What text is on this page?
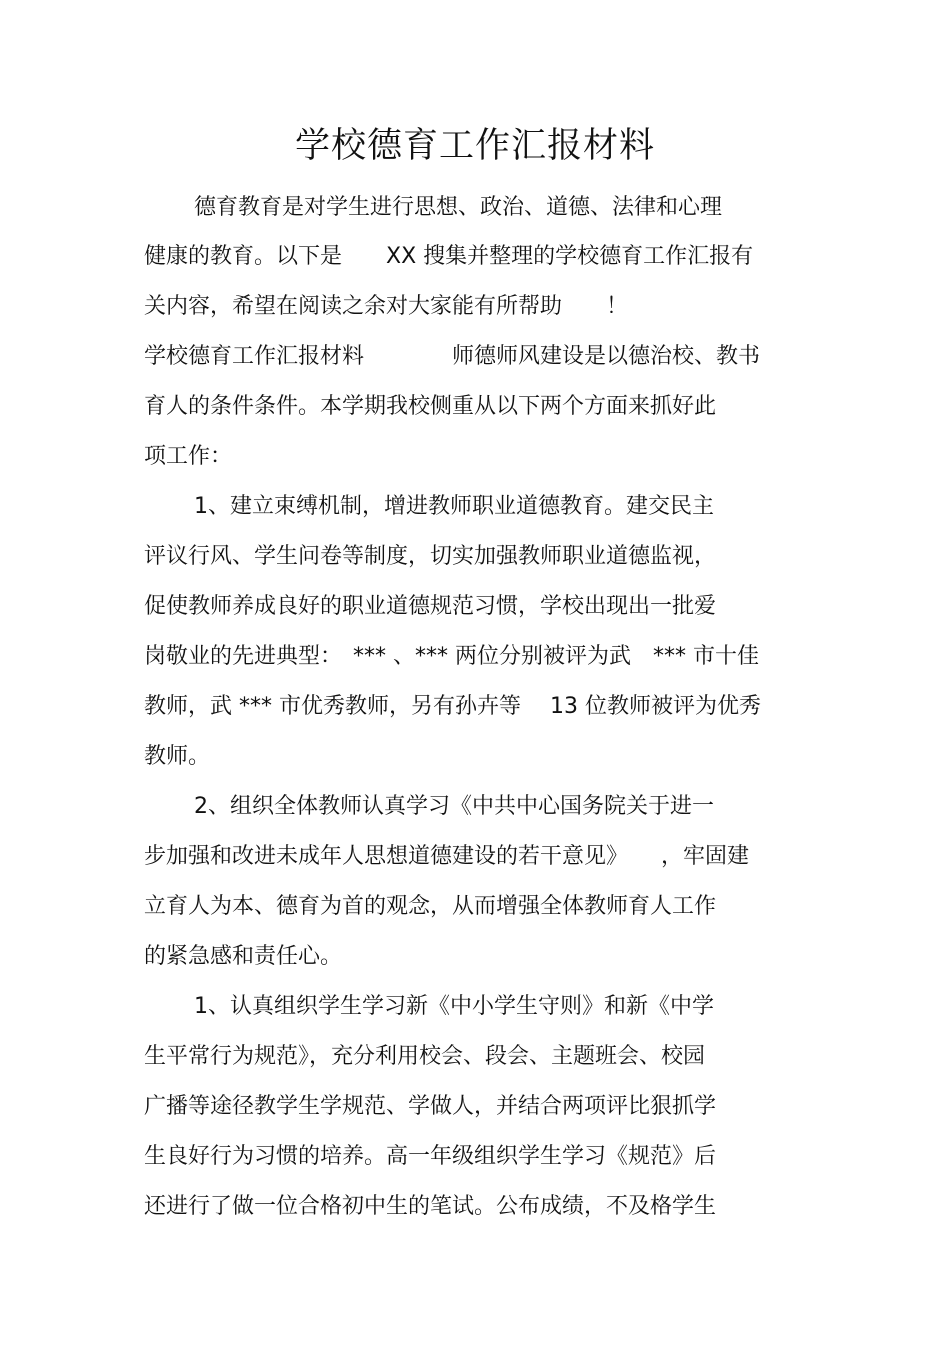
学校德育工作汇报材料
德育教育是对学生进行思想、政治、道德、法律和心理
健康的教育。以下是　　XX 搜集并整理的学校德育工作汇报有
关内容，希望在阅读之余对大家能有所帮助　　！
学校德育工作汇报材料　　　　师德师风建设是以德治校、教书
育人的条件条件。本学期我校侧重从以下两个方面来抓好此
项工作：
1、建立束缚机制，增进教师职业道德教育。建交民主
评议行风、学生问卷等制度，切实加强教师职业道德监视，
促使教师养成良好的职业道德规范习惯，学校出现出一批爱
岗敬业的先进典型：　*** 、*** 两位分别被评为武　*** 市十佳
教师，武 *** 市优秀教师，另有孙卉等　 13 位教师被评为优秀
教师。
2、组织全体教师认真学习《中共中心国务院关于进一
步加强和改进未成年人思想道德建设的若干意见》　　，牢固建
立育人为本、德育为首的观念，从而增强全体教师育人工作
的紧急感和责任心。
1、认真组织学生学习新《中小学生守则》和新《中学
生平常行为规范》，充分利用校会、段会、主题班会、校园
广播等途径教学生学规范、学做人，并结合两项评比狠抓学
生良好行为习惯的培养。高一年级组织学生学习《规范》后
还进行了做一位合格初中生的笔试。公布成绩，不及格学生
